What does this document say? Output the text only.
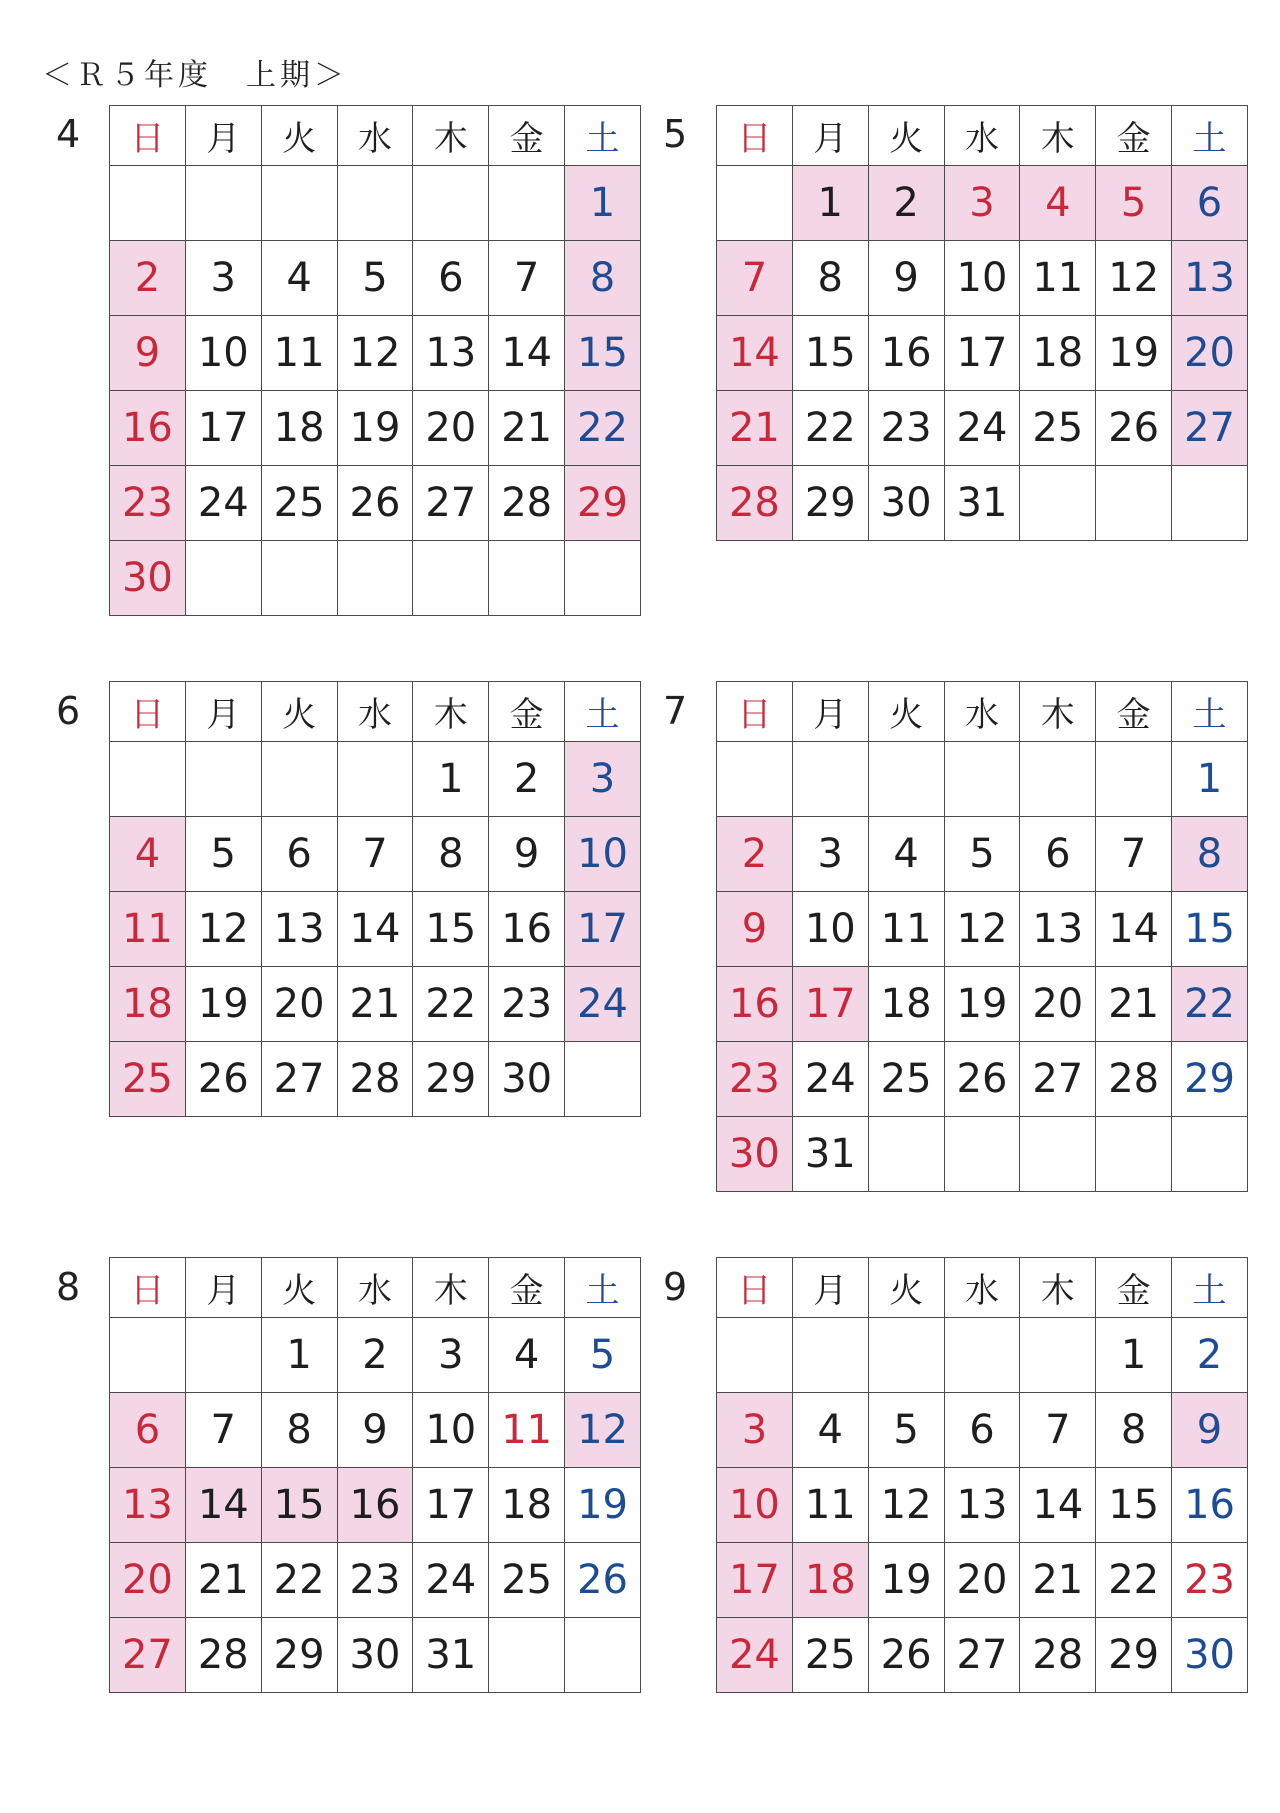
＜Ｒ５年度　上期＞
4 日	月	火	水	木	金	土
						1
2	3	4	5	6	7	8
9	10	11	12	13	14	15
16	17	18	19	20	21	22
23	24	25	26	27	28	29
30						
5 日	月	火	水	木	金	土
	1	2	3	4	5	6
7	8	9	10	11	12	13
14	15	16	17	18	19	20
21	22	23	24	25	26	27
28	29	30	31			
6 日	月	火	水	木	金	土
				1	2	3
4	5	6	7	8	9	10
11	12	13	14	15	16	17
18	19	20	21	22	23	24
25	26	27	28	29	30	
7 日	月	火	水	木	金	土
						1
2	3	4	5	6	7	8
9	10	11	12	13	14	15
16	17	18	19	20	21	22
23	24	25	26	27	28	29
30	31					
8 日	月	火	水	木	金	土
		1	2	3	4	5
6	7	8	9	10	11	12
13	14	15	16	17	18	19
20	21	22	23	24	25	26
27	28	29	30	31		
9 日	月	火	水	木	金	土
					1	2
3	4	5	6	7	8	9
10	11	12	13	14	15	16
17	18	19	20	21	22	23
24	25	26	27	28	29	30
